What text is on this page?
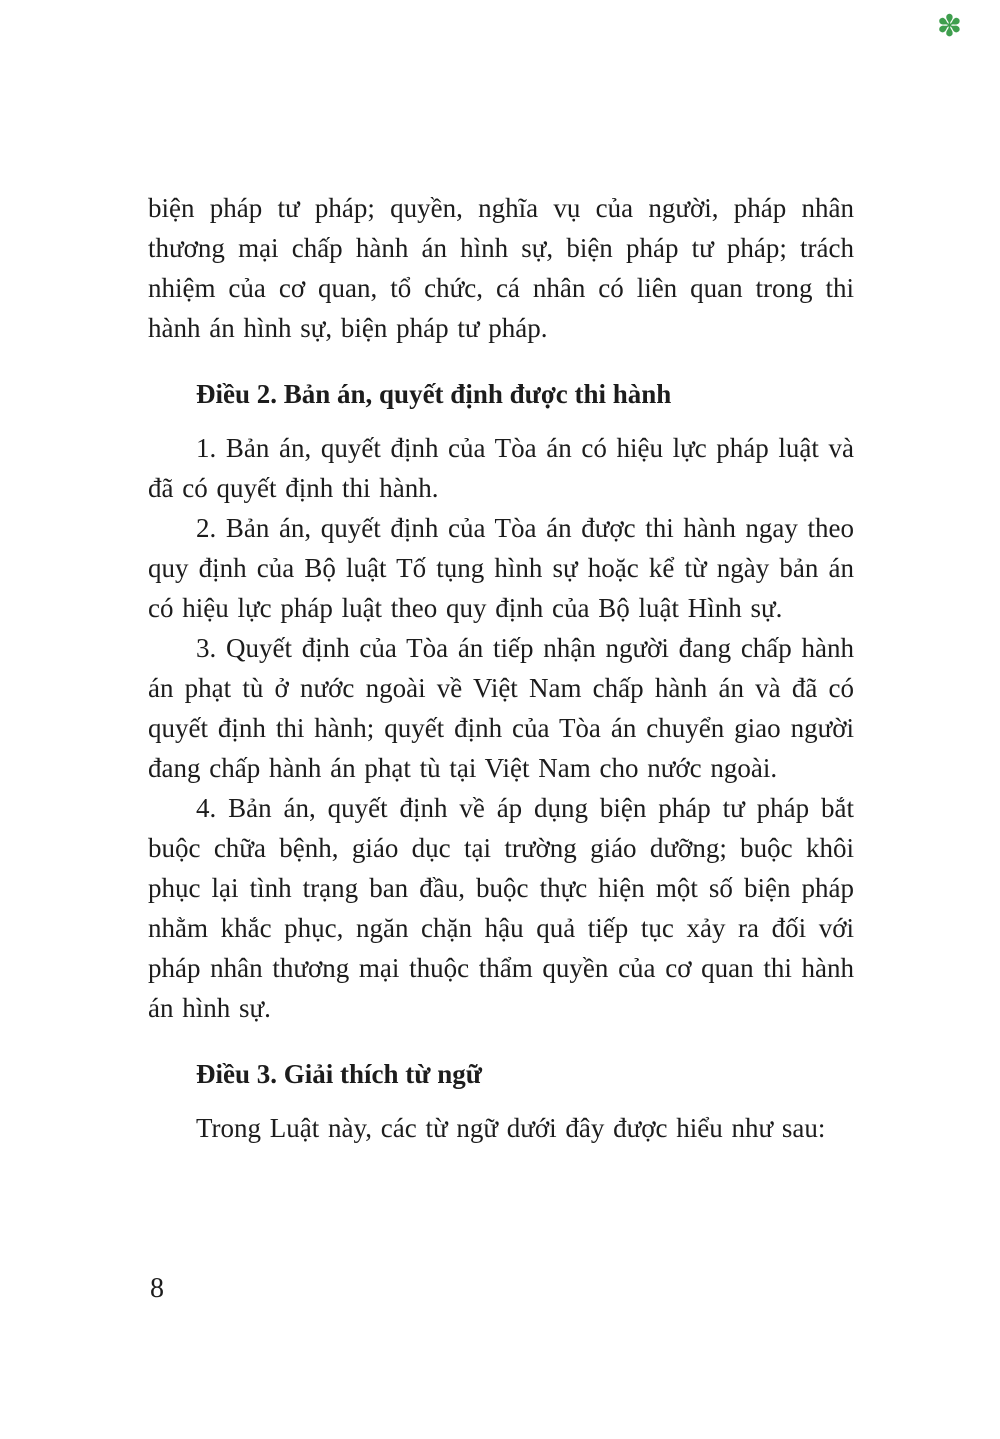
✽

biện pháp tư pháp; quyền, nghĩa vụ của người, pháp nhân thương mại chấp hành án hình sự, biện pháp tư pháp; trách nhiệm của cơ quan, tổ chức, cá nhân có liên quan trong thi hành án hình sự, biện pháp tư pháp.

Điều 2. Bản án, quyết định được thi hành

1. Bản án, quyết định của Tòa án có hiệu lực pháp luật và đã có quyết định thi hành.

2. Bản án, quyết định của Tòa án được thi hành ngay theo quy định của Bộ luật Tố tụng hình sự hoặc kể từ ngày bản án có hiệu lực pháp luật theo quy định của Bộ luật Hình sự.

3. Quyết định của Tòa án tiếp nhận người đang chấp hành án phạt tù ở nước ngoài về Việt Nam chấp hành án và đã có quyết định thi hành; quyết định của Tòa án chuyển giao người đang chấp hành án phạt tù tại Việt Nam cho nước ngoài.

4. Bản án, quyết định về áp dụng biện pháp tư pháp bắt buộc chữa bệnh, giáo dục tại trường giáo dưỡng; buộc khôi phục lại tình trạng ban đầu, buộc thực hiện một số biện pháp nhằm khắc phục, ngăn chặn hậu quả tiếp tục xảy ra đối với pháp nhân thương mại thuộc thẩm quyền của cơ quan thi hành án hình sự.

Điều 3. Giải thích từ ngữ

Trong Luật này, các từ ngữ dưới đây được hiểu như sau:

8
